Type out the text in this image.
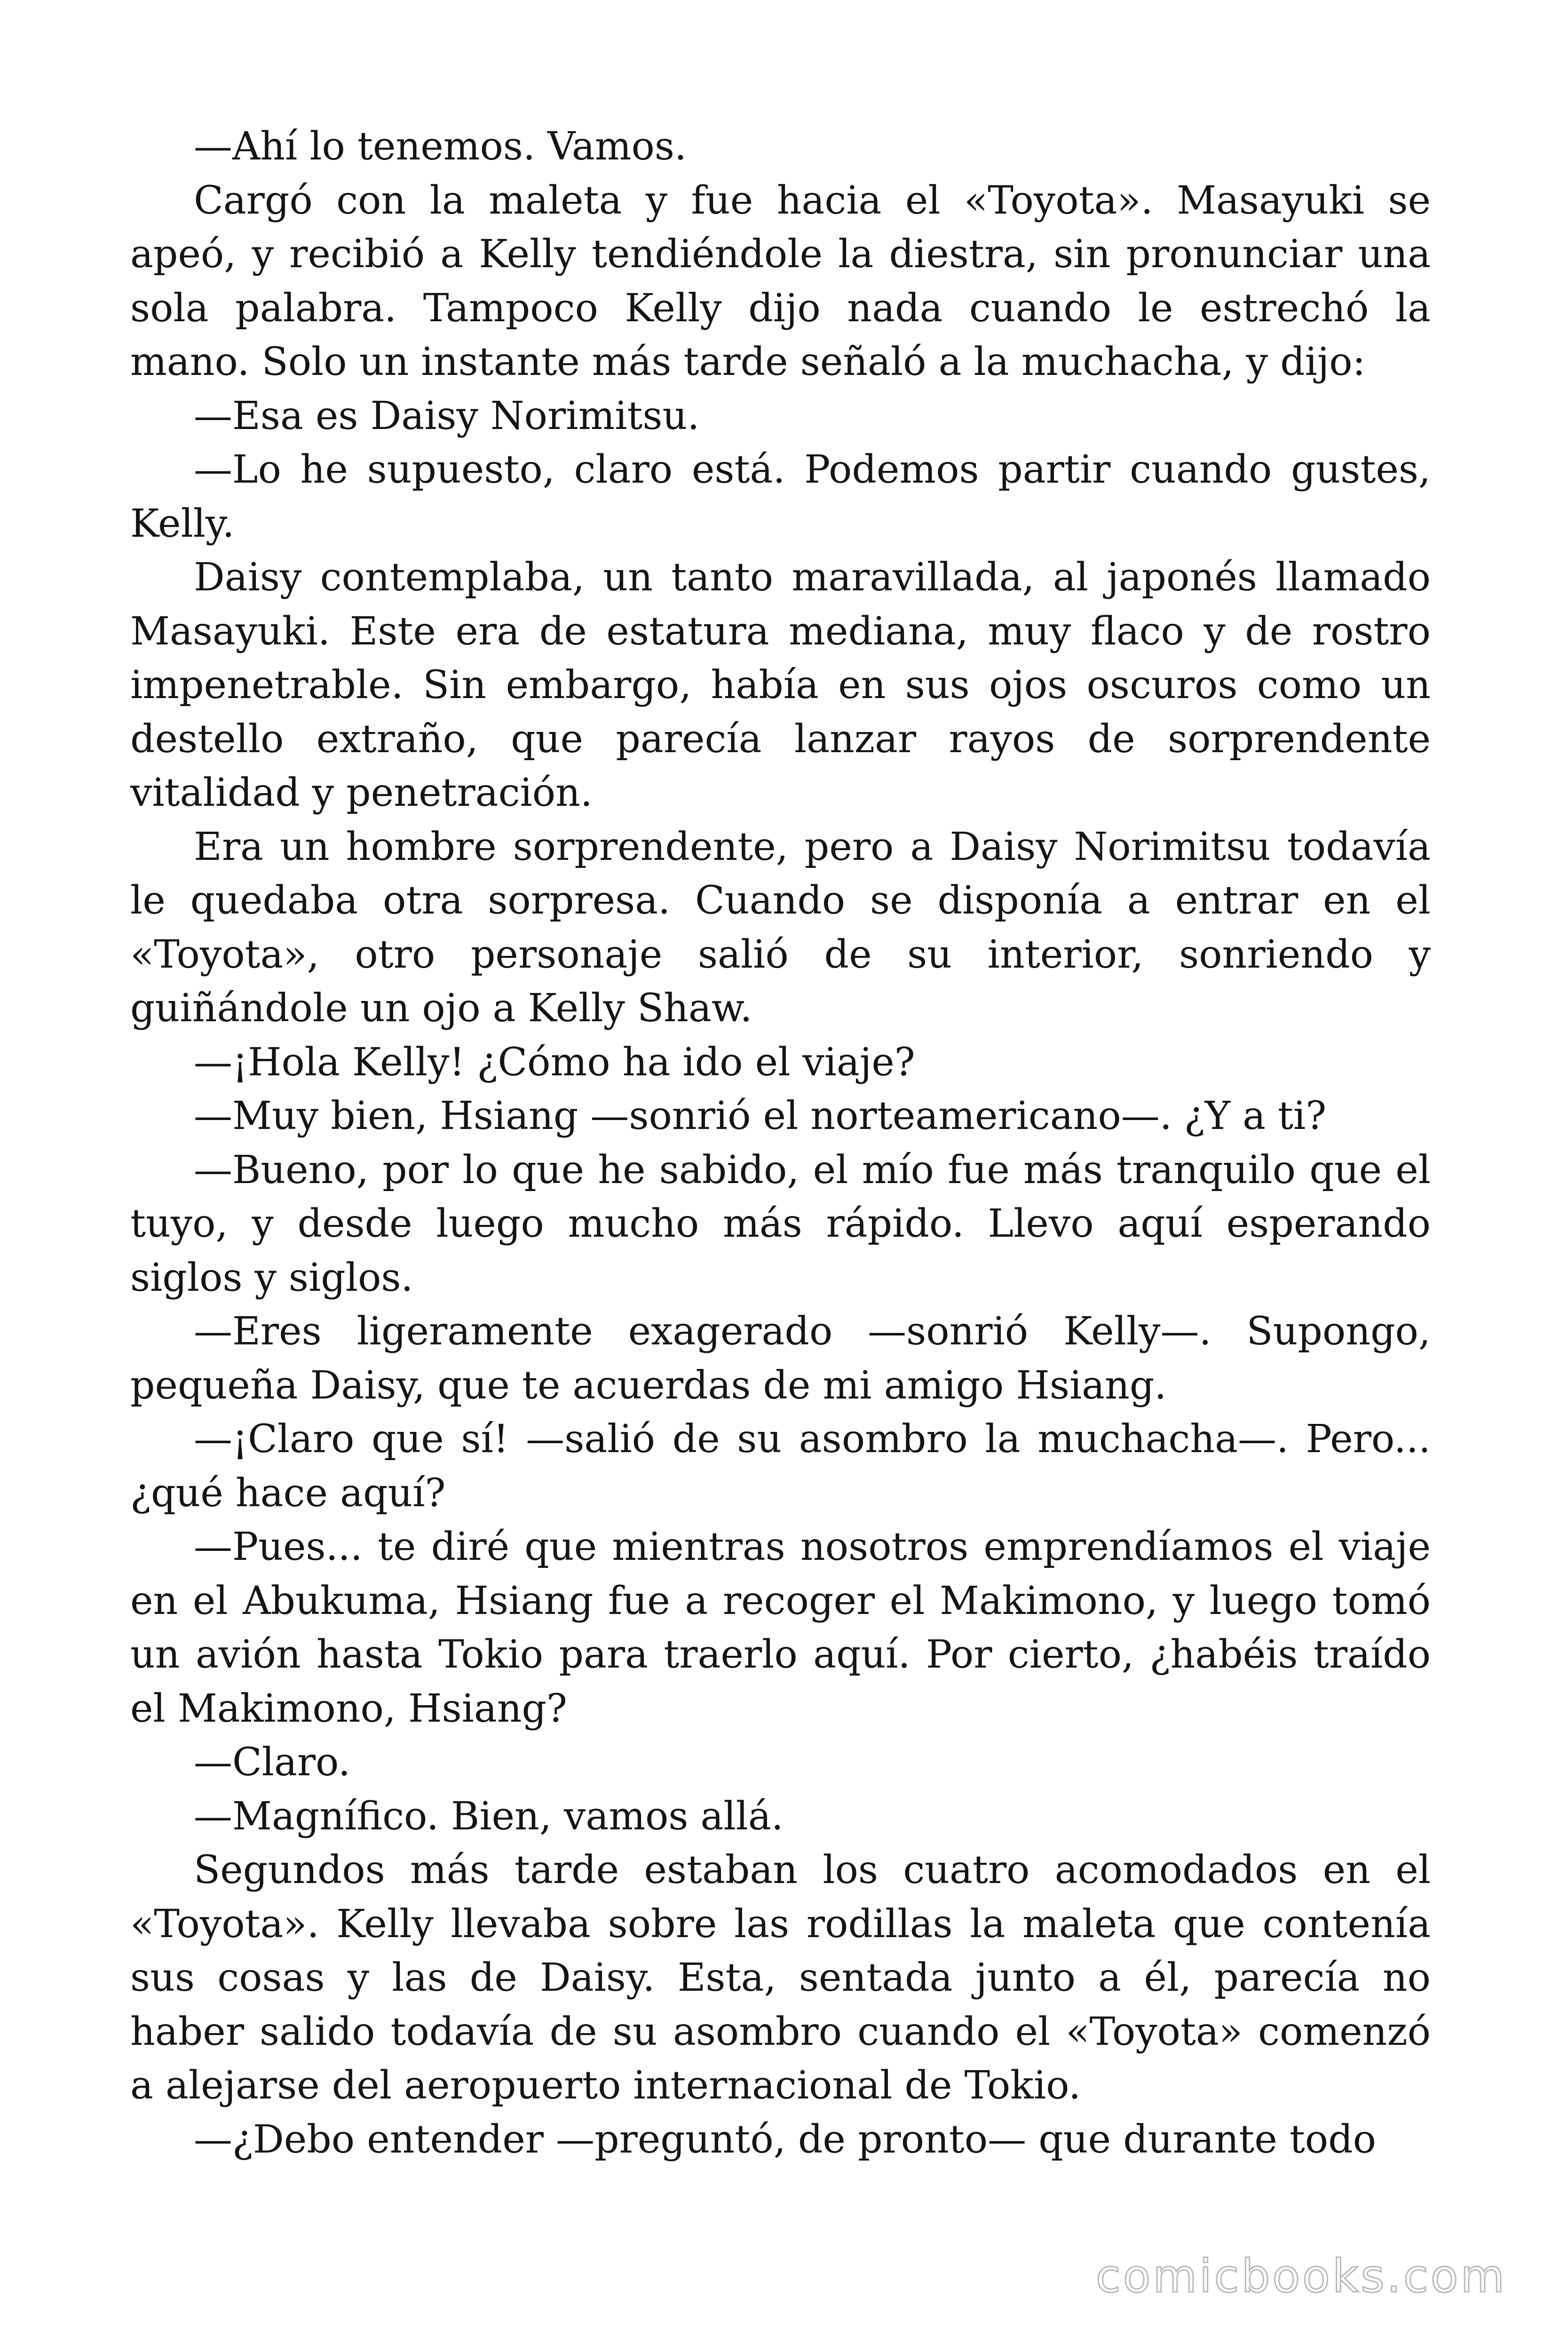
—Ahí lo tenemos. Vamos.

Cargó con la maleta y fue hacia el «Toyota». Masayuki se apeó, y recibió a Kelly tendiéndole la diestra, sin pronunciar una sola palabra. Tampoco Kelly dijo nada cuando le estrechó la mano. Solo un instante más tarde señaló a la muchacha, y dijo:

—Esa es Daisy Norimitsu.

—Lo he supuesto, claro está. Podemos partir cuando gustes, Kelly.

Daisy contemplaba, un tanto maravillada, al japonés llamado Masayuki. Este era de estatura mediana, muy flaco y de rostro impenetrable. Sin embargo, había en sus ojos oscuros como un destello extraño, que parecía lanzar rayos de sorprendente vitalidad y penetración.

Era un hombre sorprendente, pero a Daisy Norimitsu todavía le quedaba otra sorpresa. Cuando se disponía a entrar en el «Toyota», otro personaje salió de su interior, sonriendo y guiñándole un ojo a Kelly Shaw.

—¡Hola Kelly! ¿Cómo ha ido el viaje?

—Muy bien, Hsiang —sonrió el norteamericano—. ¿Y a ti?

—Bueno, por lo que he sabido, el mío fue más tranquilo que el tuyo, y desde luego mucho más rápido. Llevo aquí esperando siglos y siglos.

—Eres ligeramente exagerado —sonrió Kelly—. Supongo, pequeña Daisy, que te acuerdas de mi amigo Hsiang.

—¡Claro que sí! —salió de su asombro la muchacha—. Pero... ¿qué hace aquí?

—Pues... te diré que mientras nosotros emprendíamos el viaje en el Abukuma, Hsiang fue a recoger el Makimono, y luego tomó un avión hasta Tokio para traerlo aquí. Por cierto, ¿habéis traído el Makimono, Hsiang?

—Claro.

—Magnífico. Bien, vamos allá.

Segundos más tarde estaban los cuatro acomodados en el «Toyota». Kelly llevaba sobre las rodillas la maleta que contenía sus cosas y las de Daisy. Esta, sentada junto a él, parecía no haber salido todavía de su asombro cuando el «Toyota» comenzó a alejarse del aeropuerto internacional de Tokio.

—¿Debo entender —preguntó, de pronto— que durante todo

comicbooks.com
